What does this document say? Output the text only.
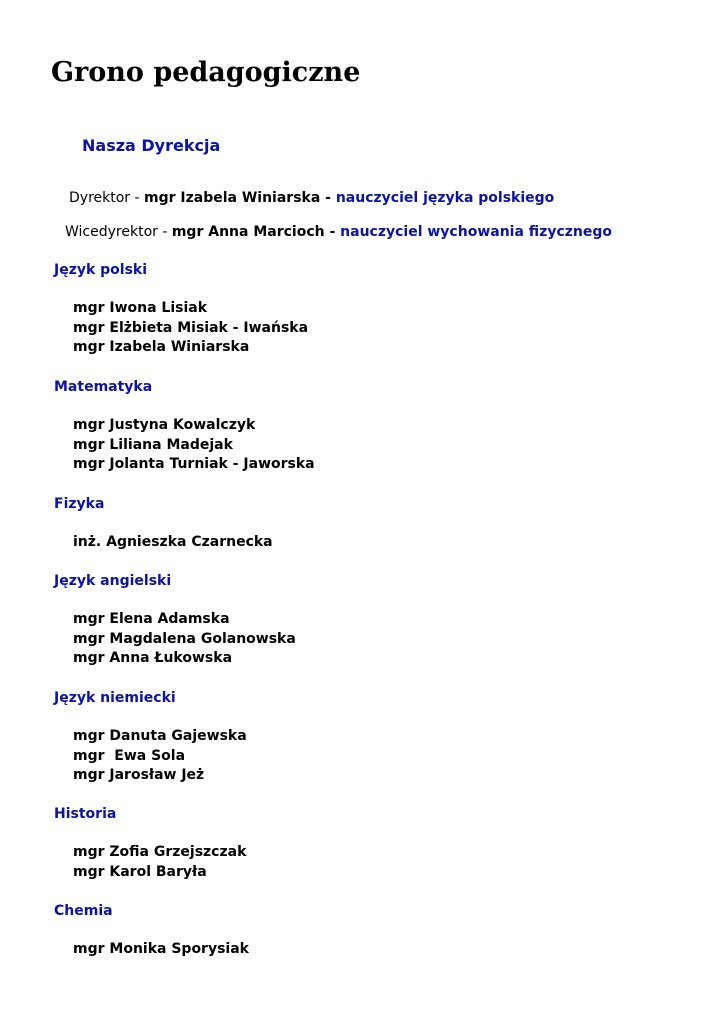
Grono pedagogiczne
Nasza Dyrekcja

Dyrektor - mgr Izabela Winiarska - nauczyciel języka polskiego

Wicedyrektor - mgr Anna Marcioch - nauczyciel wychowania fizycznego

Język polski
mgr Iwona Lisiak
mgr Elżbieta Misiak - Iwańska
mgr Izabela Winiarska
Matematyka
mgr Justyna Kowalczyk
mgr Liliana Madejak
mgr Jolanta Turniak - Jaworska
Fizyka
inż. Agnieszka Czarnecka
Język angielski
mgr Elena Adamska
mgr Magdalena Golanowska
mgr Anna Łukowska
Język niemiecki
mgr Danuta Gajewska
mgr  Ewa Sola
mgr Jarosław Jeż
Historia
mgr Zofia Grzejszczak
mgr Karol Baryła
Chemia
mgr Monika Sporysiak
